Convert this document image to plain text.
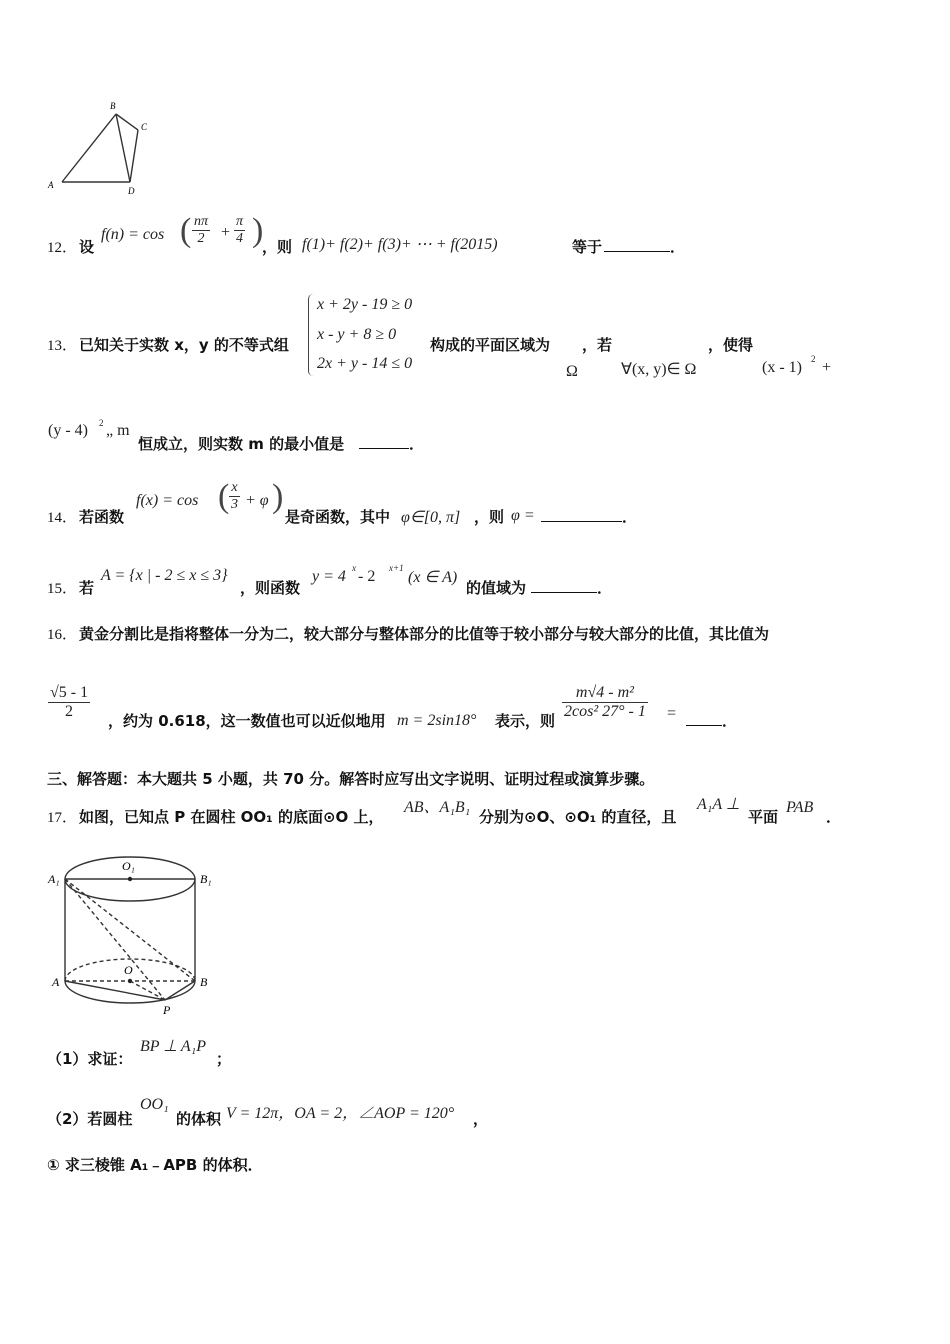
A
B
C
D
12． 设
f(n) = cos ( $\frac{n\pi}{2} + \frac{\pi}{4}$ )
，则 f(1)+ f(2)+ f(3)+ ⋯ + f(2015)	等于	．
13． 已知关于实数 x，y 的不等式组
x + 2y - 19 ≥ 0
x - y + 8 ≥ 0
2x + y - 14 ≤ 0
构成的平面区域为 ，若	，使得
Ω	∀(x, y)∈ Ω	(x - 1) 2 +
(y - 4) 2 „ m
恒成立，则实数 m 的最小值是	．
14． 若函数
f(x) = cos ( $\frac{x}{3} + \varphi$ )
是奇函数，其中 φ∈[0, π] ，则 φ =	．
15． 若
A = {x | - 2 ≤ x ≤ 3}
，则函数
y = 4 x - 2 x+1
(x ∈ A)
的值域为	．
16． 黄金分割比是指将整体一分为二，较大部分与整体部分的比值等于较小部分与较大部分的比值，其比值为
$\frac{√5 - 1}{2}$ ，约为 0.618，这一数值也可以近似地用 m = 2sin18° 表示，则 $\frac{\text{m√4 - m²}}{\text{2cos² 27° - 1}}$ =	．
三、解答题：本大题共 5 小题，共 70 分。解答时应写出文字说明、证明过程或演算步骤。
17． 如图，已知点 P 在圆柱 OO₁ 的底面⊙O 上，
AB、A₁B₁
分别为⊙O、⊙O₁ 的直径，且
A₁A ⊥
平面
PAB
．
O₁
A₁	B₁
O
A	B
P
（1）求证：
BP ⊥ A₁P
；
（2）若圆柱
OO₁
的体积 V = 12π，OA = 2，∠AOP = 120° ，
① 求三棱锥 A₁﹣APB 的体积．
